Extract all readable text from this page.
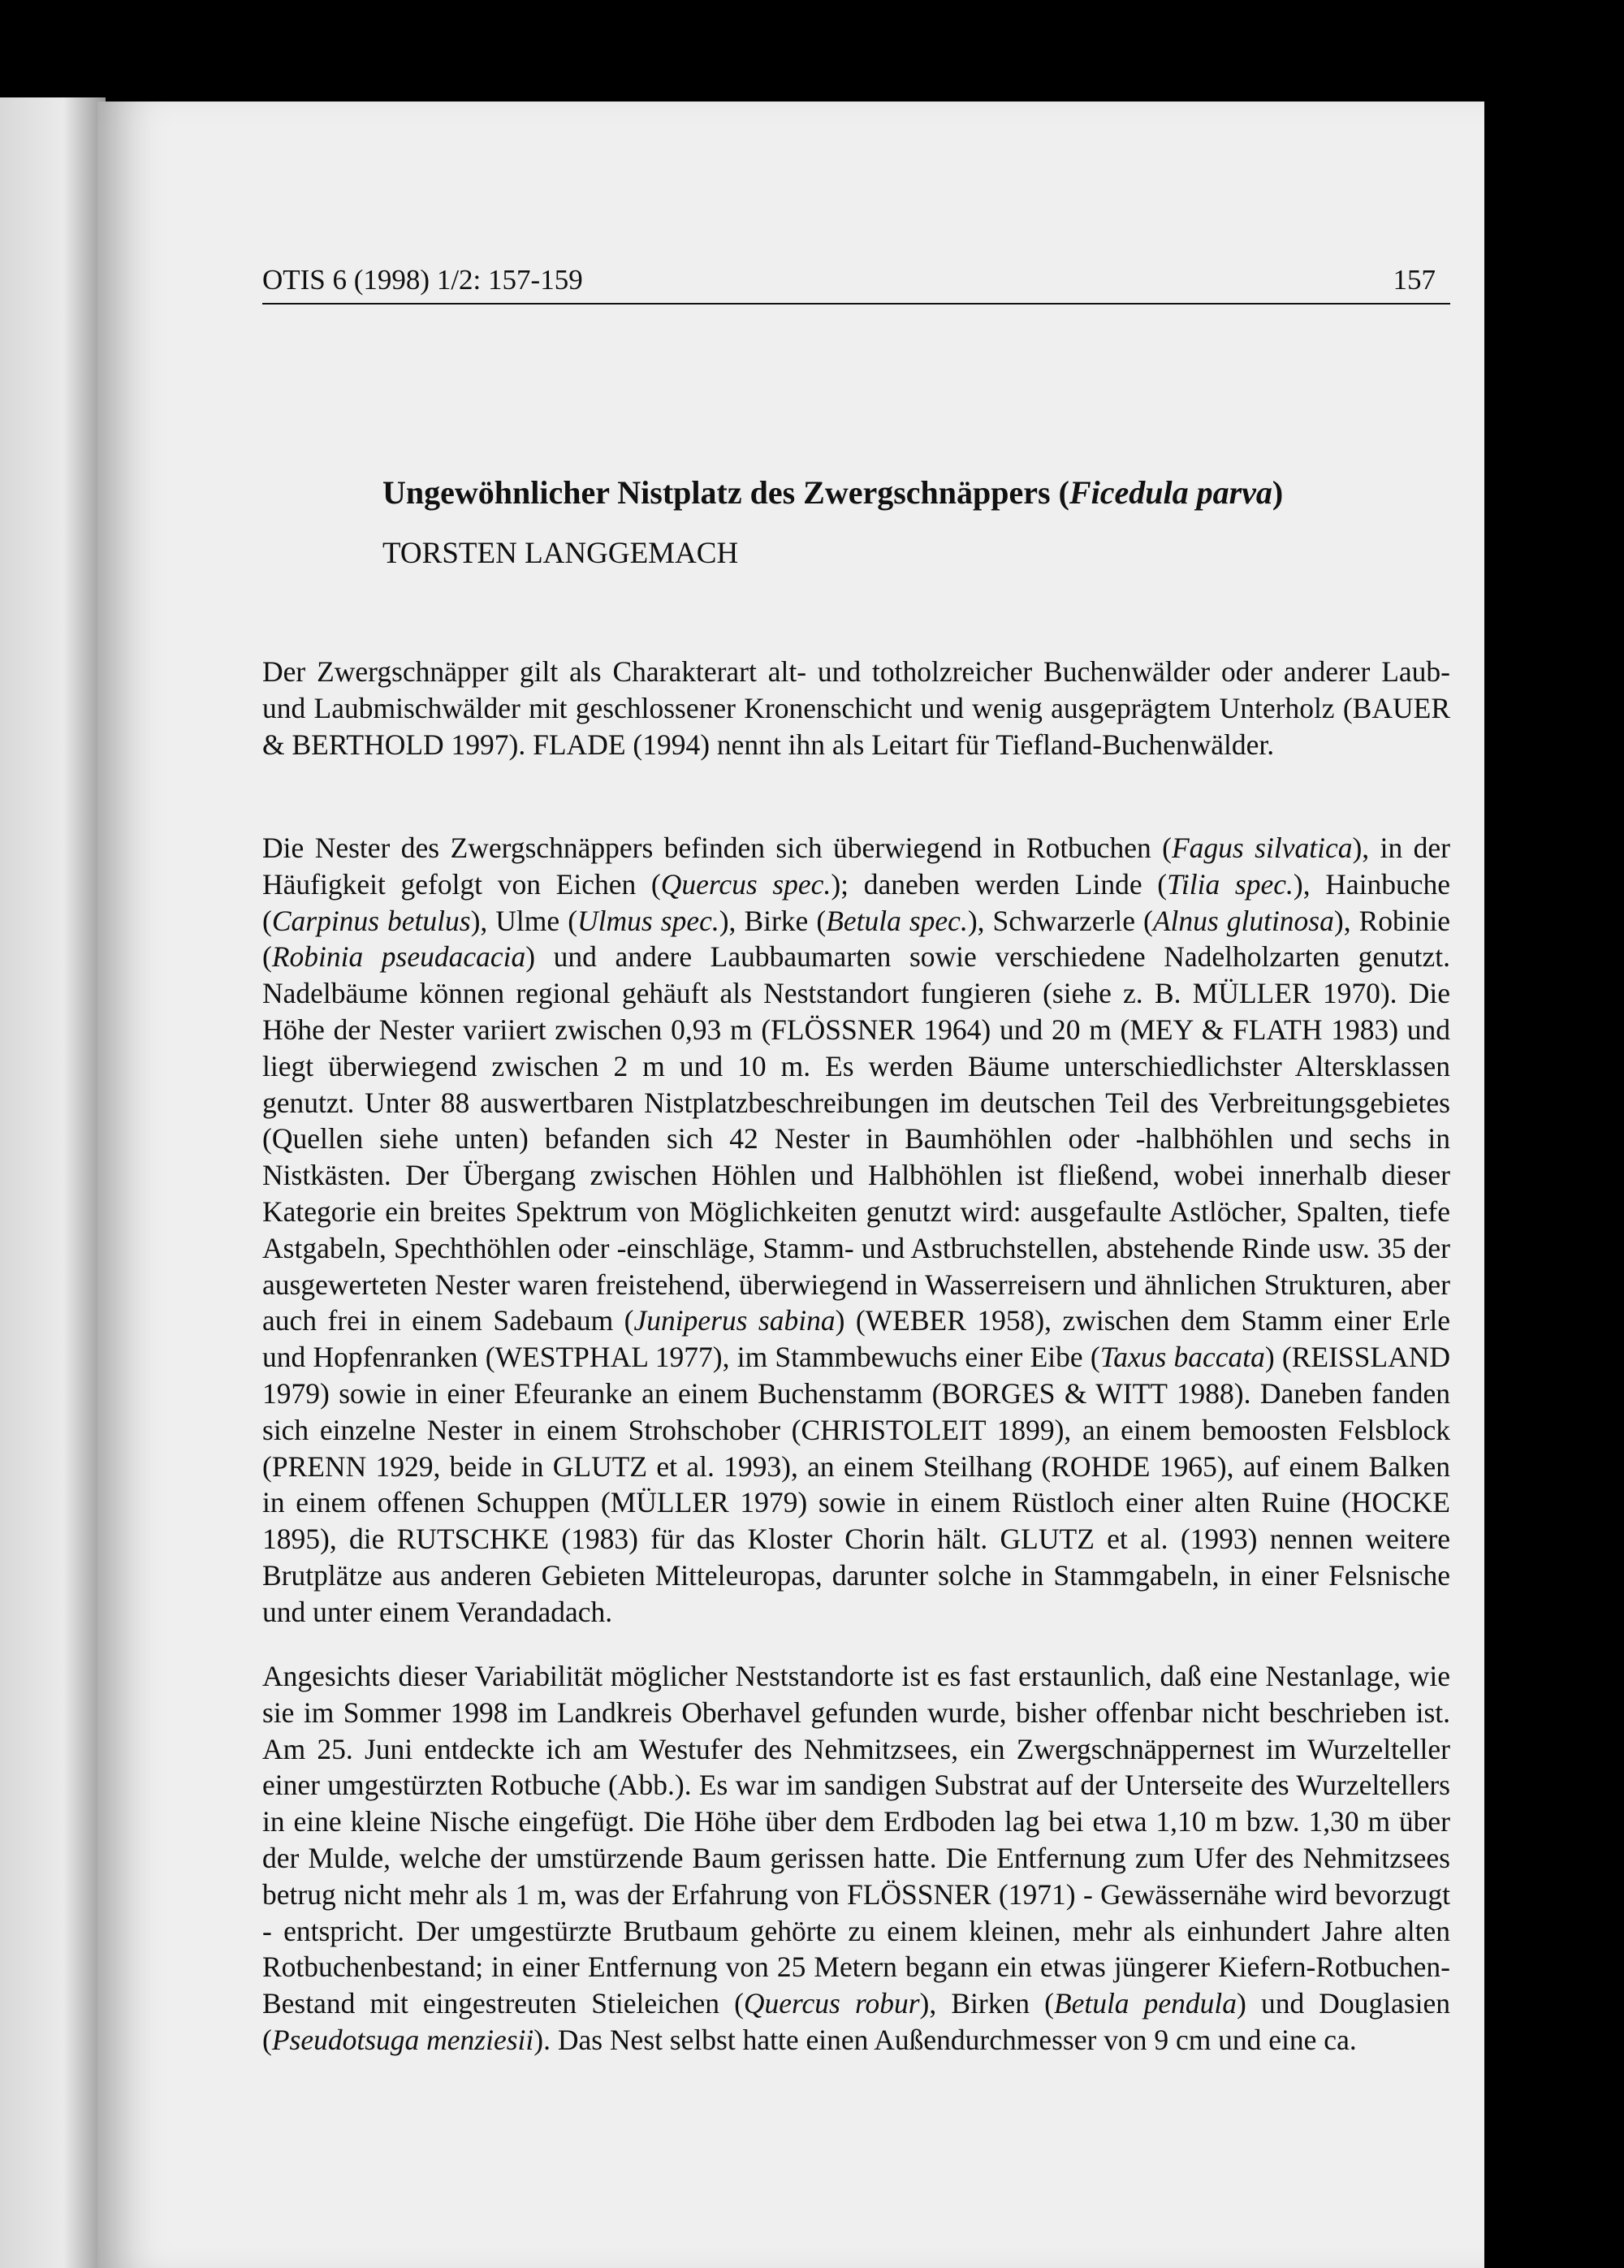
OTIS 6 (1998) 1/2: 157-159	157
Ungewöhnlicher Nistplatz des Zwergschnäppers (Ficedula parva)
TORSTEN LANGGEMACH

Der Zwergschnäpper gilt als Charakterart alt- und totholzreicher Buchenwälder oder anderer Laub- und Laubmischwälder mit geschlossener Kronenschicht und wenig ausgeprägtem Unterholz (BAUER & BERTHOLD 1997). FLADE (1994) nennt ihn als Leitart für Tiefland-Buchenwälder.

Die Nester des Zwergschnäppers befinden sich überwiegend in Rotbuchen (Fagus silvatica), in der Häufigkeit gefolgt von Eichen (Quercus spec.); daneben werden Linde (Tilia spec.), Hainbuche (Carpinus betulus), Ulme (Ulmus spec.), Birke (Betula spec.), Schwarzerle (Alnus glutinosa), Robinie (Robinia pseudacacia) und andere Laubbaumarten sowie verschiedene Nadelholzarten genutzt. Nadelbäume können regional gehäuft als Neststandort fungieren (siehe z. B. MÜLLER 1970). Die Höhe der Nester variiert zwischen 0,93 m (FLÖSSNER 1964) und 20 m (MEY & FLATH 1983) und liegt überwiegend zwischen 2 m und 10 m. Es werden Bäume unterschiedlichster Altersklassen genutzt. Unter 88 auswertbaren Nistplatzbeschreibungen im deutschen Teil des Verbreitungsgebietes (Quellen siehe unten) befanden sich 42 Nester in Baumhöhlen oder -halbhöhlen und sechs in Nistkästen. Der Übergang zwischen Höhlen und Halbhöhlen ist fließend, wobei innerhalb dieser Kategorie ein breites Spektrum von Möglichkeiten genutzt wird: ausgefaulte Astlöcher, Spalten, tiefe Astgabeln, Spechthöhlen oder -einschläge, Stamm- und Astbruchstellen, abstehende Rinde usw. 35 der ausgewerteten Nester waren freistehend, überwiegend in Wasserreisern und ähnlichen Strukturen, aber auch frei in einem Sadebaum (Juniperus sabina) (WEBER 1958), zwischen dem Stamm einer Erle und Hopfenranken (WESTPHAL 1977), im Stammbewuchs einer Eibe (Taxus baccata) (REISSLAND 1979) sowie in einer Efeuranke an einem Buchenstamm (BORGES & WITT 1988). Daneben fanden sich einzelne Nester in einem Strohschober (CHRISTOLEIT 1899), an einem bemoosten Felsblock (PRENN 1929, beide in GLUTZ et al. 1993), an einem Steilhang (ROHDE 1965), auf einem Balken in einem offenen Schuppen (MÜLLER 1979) sowie in einem Rüstloch einer alten Ruine (HOCKE 1895), die RUTSCHKE (1983) für das Kloster Chorin hält. GLUTZ et al. (1993) nennen weitere Brutplätze aus anderen Gebieten Mitteleuropas, darunter solche in Stammgabeln, in einer Felsnische und unter einem Verandadach.

Angesichts dieser Variabilität möglicher Neststandorte ist es fast erstaunlich, daß eine Nestanlage, wie sie im Sommer 1998 im Landkreis Oberhavel gefunden wurde, bisher offenbar nicht beschrieben ist. Am 25. Juni entdeckte ich am Westufer des Nehmitzsees, ein Zwergschnäppernest im Wurzelteller einer umgestürzten Rotbuche (Abb.). Es war im sandigen Substrat auf der Unterseite des Wurzeltellers in eine kleine Nische eingefügt. Die Höhe über dem Erdboden lag bei etwa 1,10 m bzw. 1,30 m über der Mulde, welche der umstürzende Baum gerissen hatte. Die Entfernung zum Ufer des Nehmitzsees betrug nicht mehr als 1 m, was der Erfahrung von FLÖSSNER (1971) - Gewässernähe wird bevorzugt - entspricht. Der umgestürzte Brutbaum gehörte zu einem kleinen, mehr als einhundert Jahre alten Rotbuchenbestand; in einer Entfernung von 25 Metern begann ein etwas jüngerer Kiefern-Rotbuchen-Bestand mit eingestreuten Stieleichen (Quercus robur), Birken (Betula pendula) und Douglasien (Pseudotsuga menziesii). Das Nest selbst hatte einen Außendurchmesser von 9 cm und eine ca.
